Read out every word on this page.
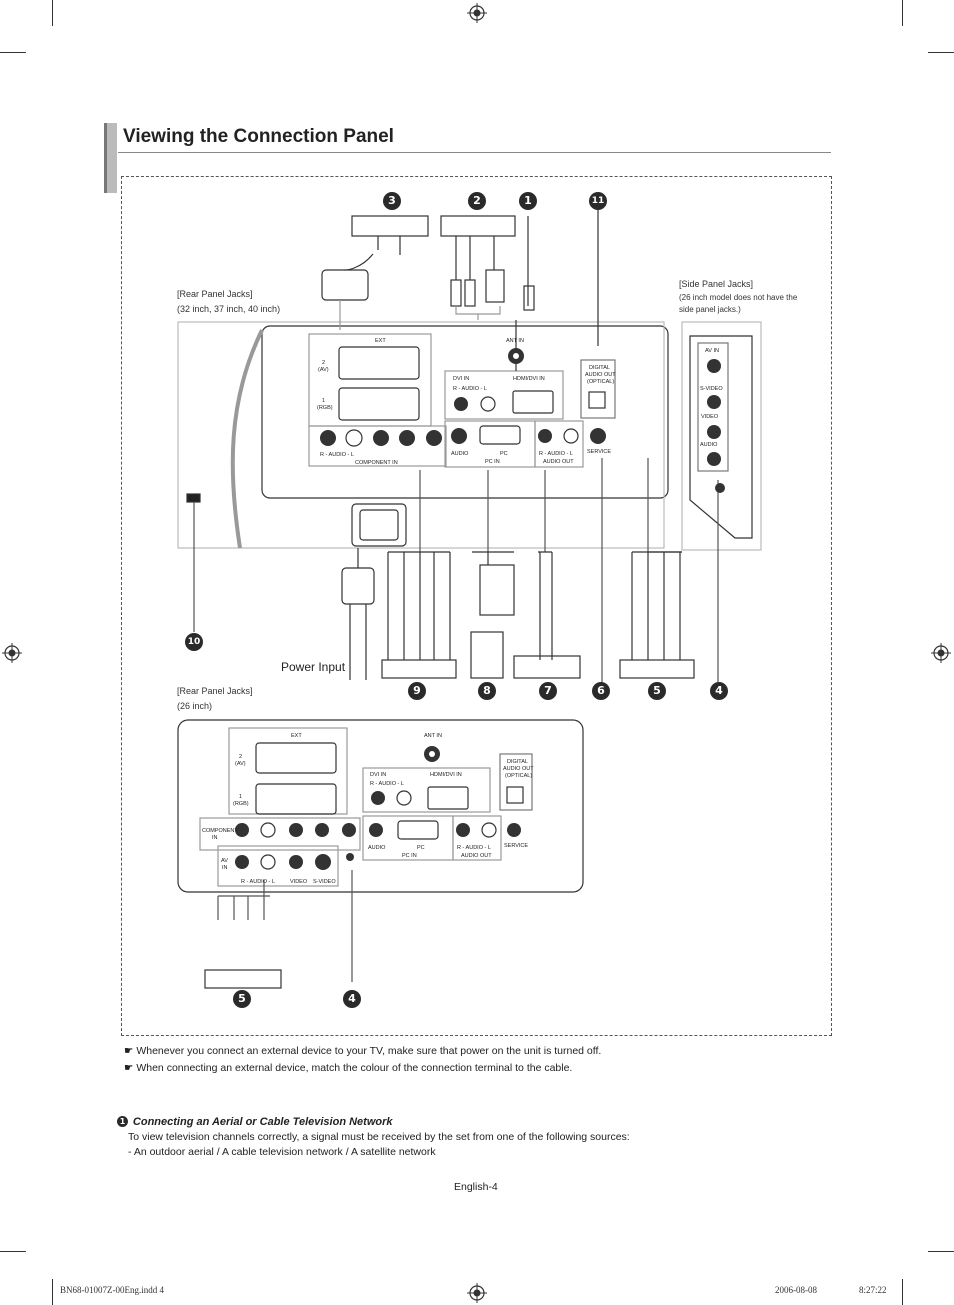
Viewing the Connection Panel
[Rear Panel Jacks]
(32 inch, 37 inch, 40 inch)
[Side Panel Jacks]
(26 inch model does not have the
side panel jacks.)
[Rear Panel Jacks]
(26 inch)
Power Input
EXT
2
(AV)
1
(RGB)
ANT IN
DVI IN	HDMI/DVI IN
R - AUDIO - L
DIGITAL
AUDIO OUT
(OPTICAL)
R - AUDIO - L
COMPONENT IN
AUDIO	PC
PC IN
R - AUDIO - L
AUDIO OUT
SERVICE
AV IN
S-VIDEO
VIDEO
AUDIO
EXT
2
(AV)
1
(RGB)
ANT IN
DVI IN	HDMI/DVI IN
R - AUDIO - L
DIGITAL
AUDIO OUT
(OPTICAL)
COMPONENT
IN
AUDIO	PC
PC IN
R - AUDIO - L
AUDIO OUT
SERVICE
AV
IN
R - AUDIO - L	VIDEO S-VIDEO
3	2	1	11
10
9	8	7	6	5	4
5	4
☛ Whenever you connect an external device to your TV, make sure that power on the unit is turned off.
☛ When connecting an external device, match the colour of the connection terminal to the cable.
1 Connecting an Aerial or Cable Television Network
To view television channels correctly, a signal must be received by the set from one of the following sources:
- An outdoor aerial / A cable television network / A satellite network
English-4
BN68-01007Z-00Eng.indd 4	2006-08-08	8:27:22
